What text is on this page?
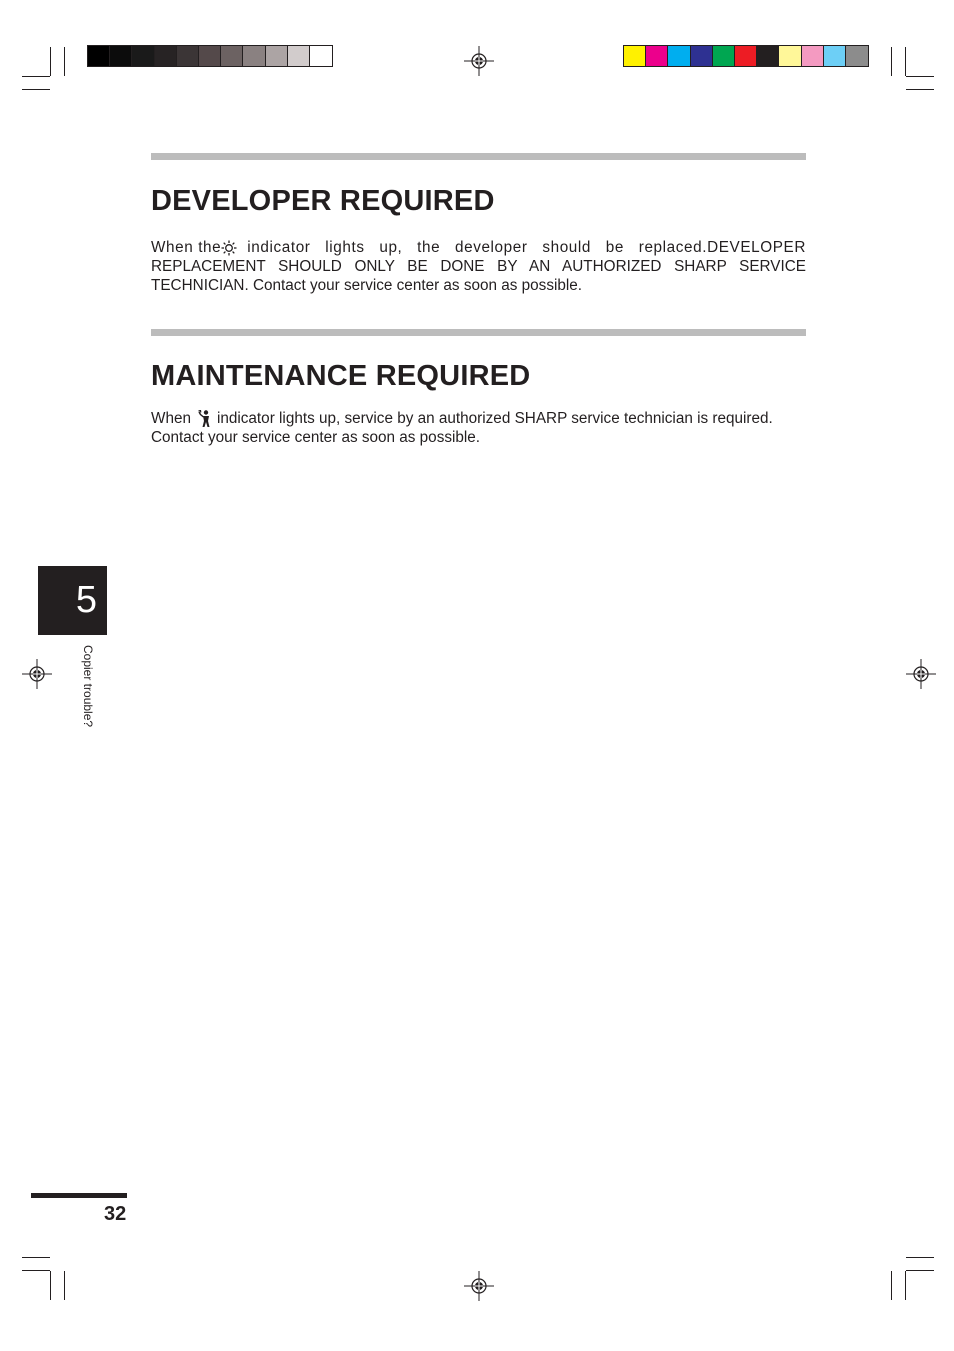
DEVELOPER REQUIRED
When the indicator lights up, the developer should be replaced.DEVELOPER
REPLACEMENT SHOULD ONLY BE DONE BY AN AUTHORIZED SHARP SERVICE
TECHNICIAN. Contact your service center as soon as possible.
MAINTENANCE REQUIRED
When indicator lights up, service by an authorized SHARP service technician is required.
Contact your service center as soon as possible.
5
Copier trouble?
32
